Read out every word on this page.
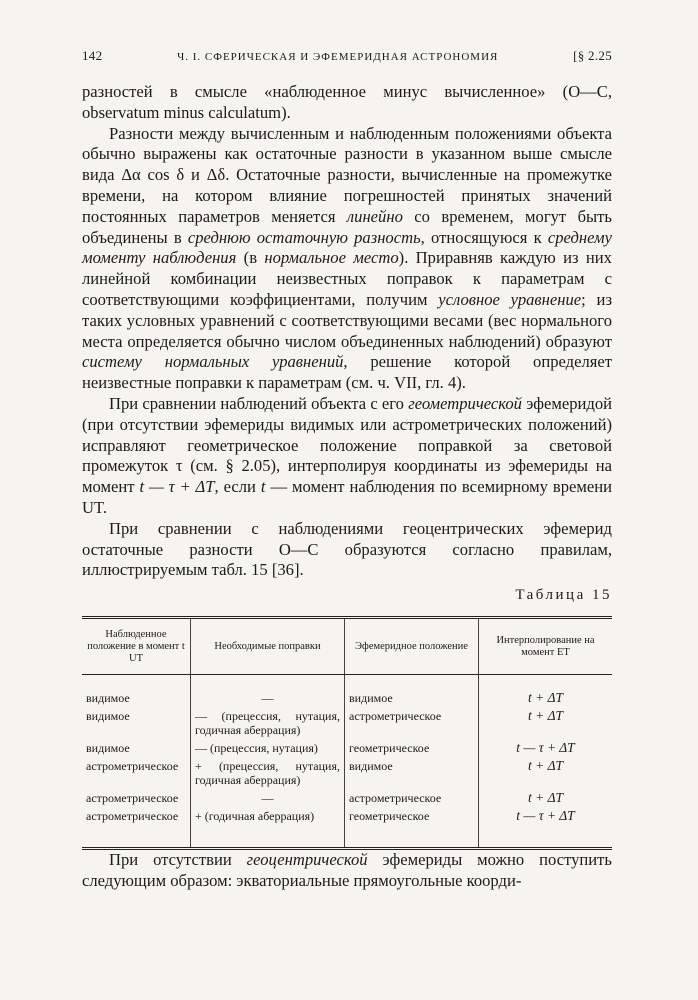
142	Ч. I. СФЕРИЧЕСКАЯ И ЭФЕМЕРИДНАЯ АСТРОНОМИЯ	[§ 2.25

разностей в смысле «наблюденное минус вычисленное» (О—С, observatum minus calculatum).

Разности между вычисленным и наблюденным положениями объекта обычно выражены как остаточные разности в указанном выше смысле вида Δα cos δ и Δδ. Остаточные разности, вычисленные на промежутке времени, на котором влияние погрешностей принятых значений постоянных параметров меняется линейно со временем, могут быть объединены в среднюю остаточную разность, относящуюся к среднему моменту наблюдения (в нормальное место). Приравняв каждую из них линейной комбинации неизвестных поправок к параметрам с соответствующими коэффициентами, получим условное уравнение; из таких условных уравнений с соответствующими весами (вес нормального места определяется обычно числом объединенных наблюдений) образуют систему нормальных уравнений, решение которой определяет неизвестные поправки к параметрам (см. ч. VII, гл. 4).

При сравнении наблюдений объекта с его геометрической эфемеридой (при отсутствии эфемериды видимых или астрометрических положений) исправляют геометрическое положение поправкой за световой промежуток τ (см. § 2.05), интерполируя координаты из эфемериды на момент t — τ + ΔT, если t — момент наблюдения по всемирному времени UT.

При сравнении с наблюдениями геоцентрических эфемерид остаточные разности О—С образуются согласно правилам, иллюстрируемым табл. 15 [36].

Таблица 15
Наблюденное положение в момент t UT	Необходимые поправки	Эфемеридное положение	Интерполирование на момент ET
видимое	—	видимое	t + ΔT
видимое	— (прецессия, нутация, годичная аберрация)	астрометрическое	t + ΔT
видимое	— (прецессия, нутация)	геометрическое	t — τ + ΔT
астрометрическое	+ (прецессия, нутация, годичная аберрация)	видимое	t + ΔT
астрометрическое	—	астрометрическое	t + ΔT
астрометрическое	+ (годичная аберрация)	геометрическое	t — τ + ΔT

При отсутствии геоцентрической эфемериды можно поступить следующим образом: экваториальные прямоугольные коорди-
